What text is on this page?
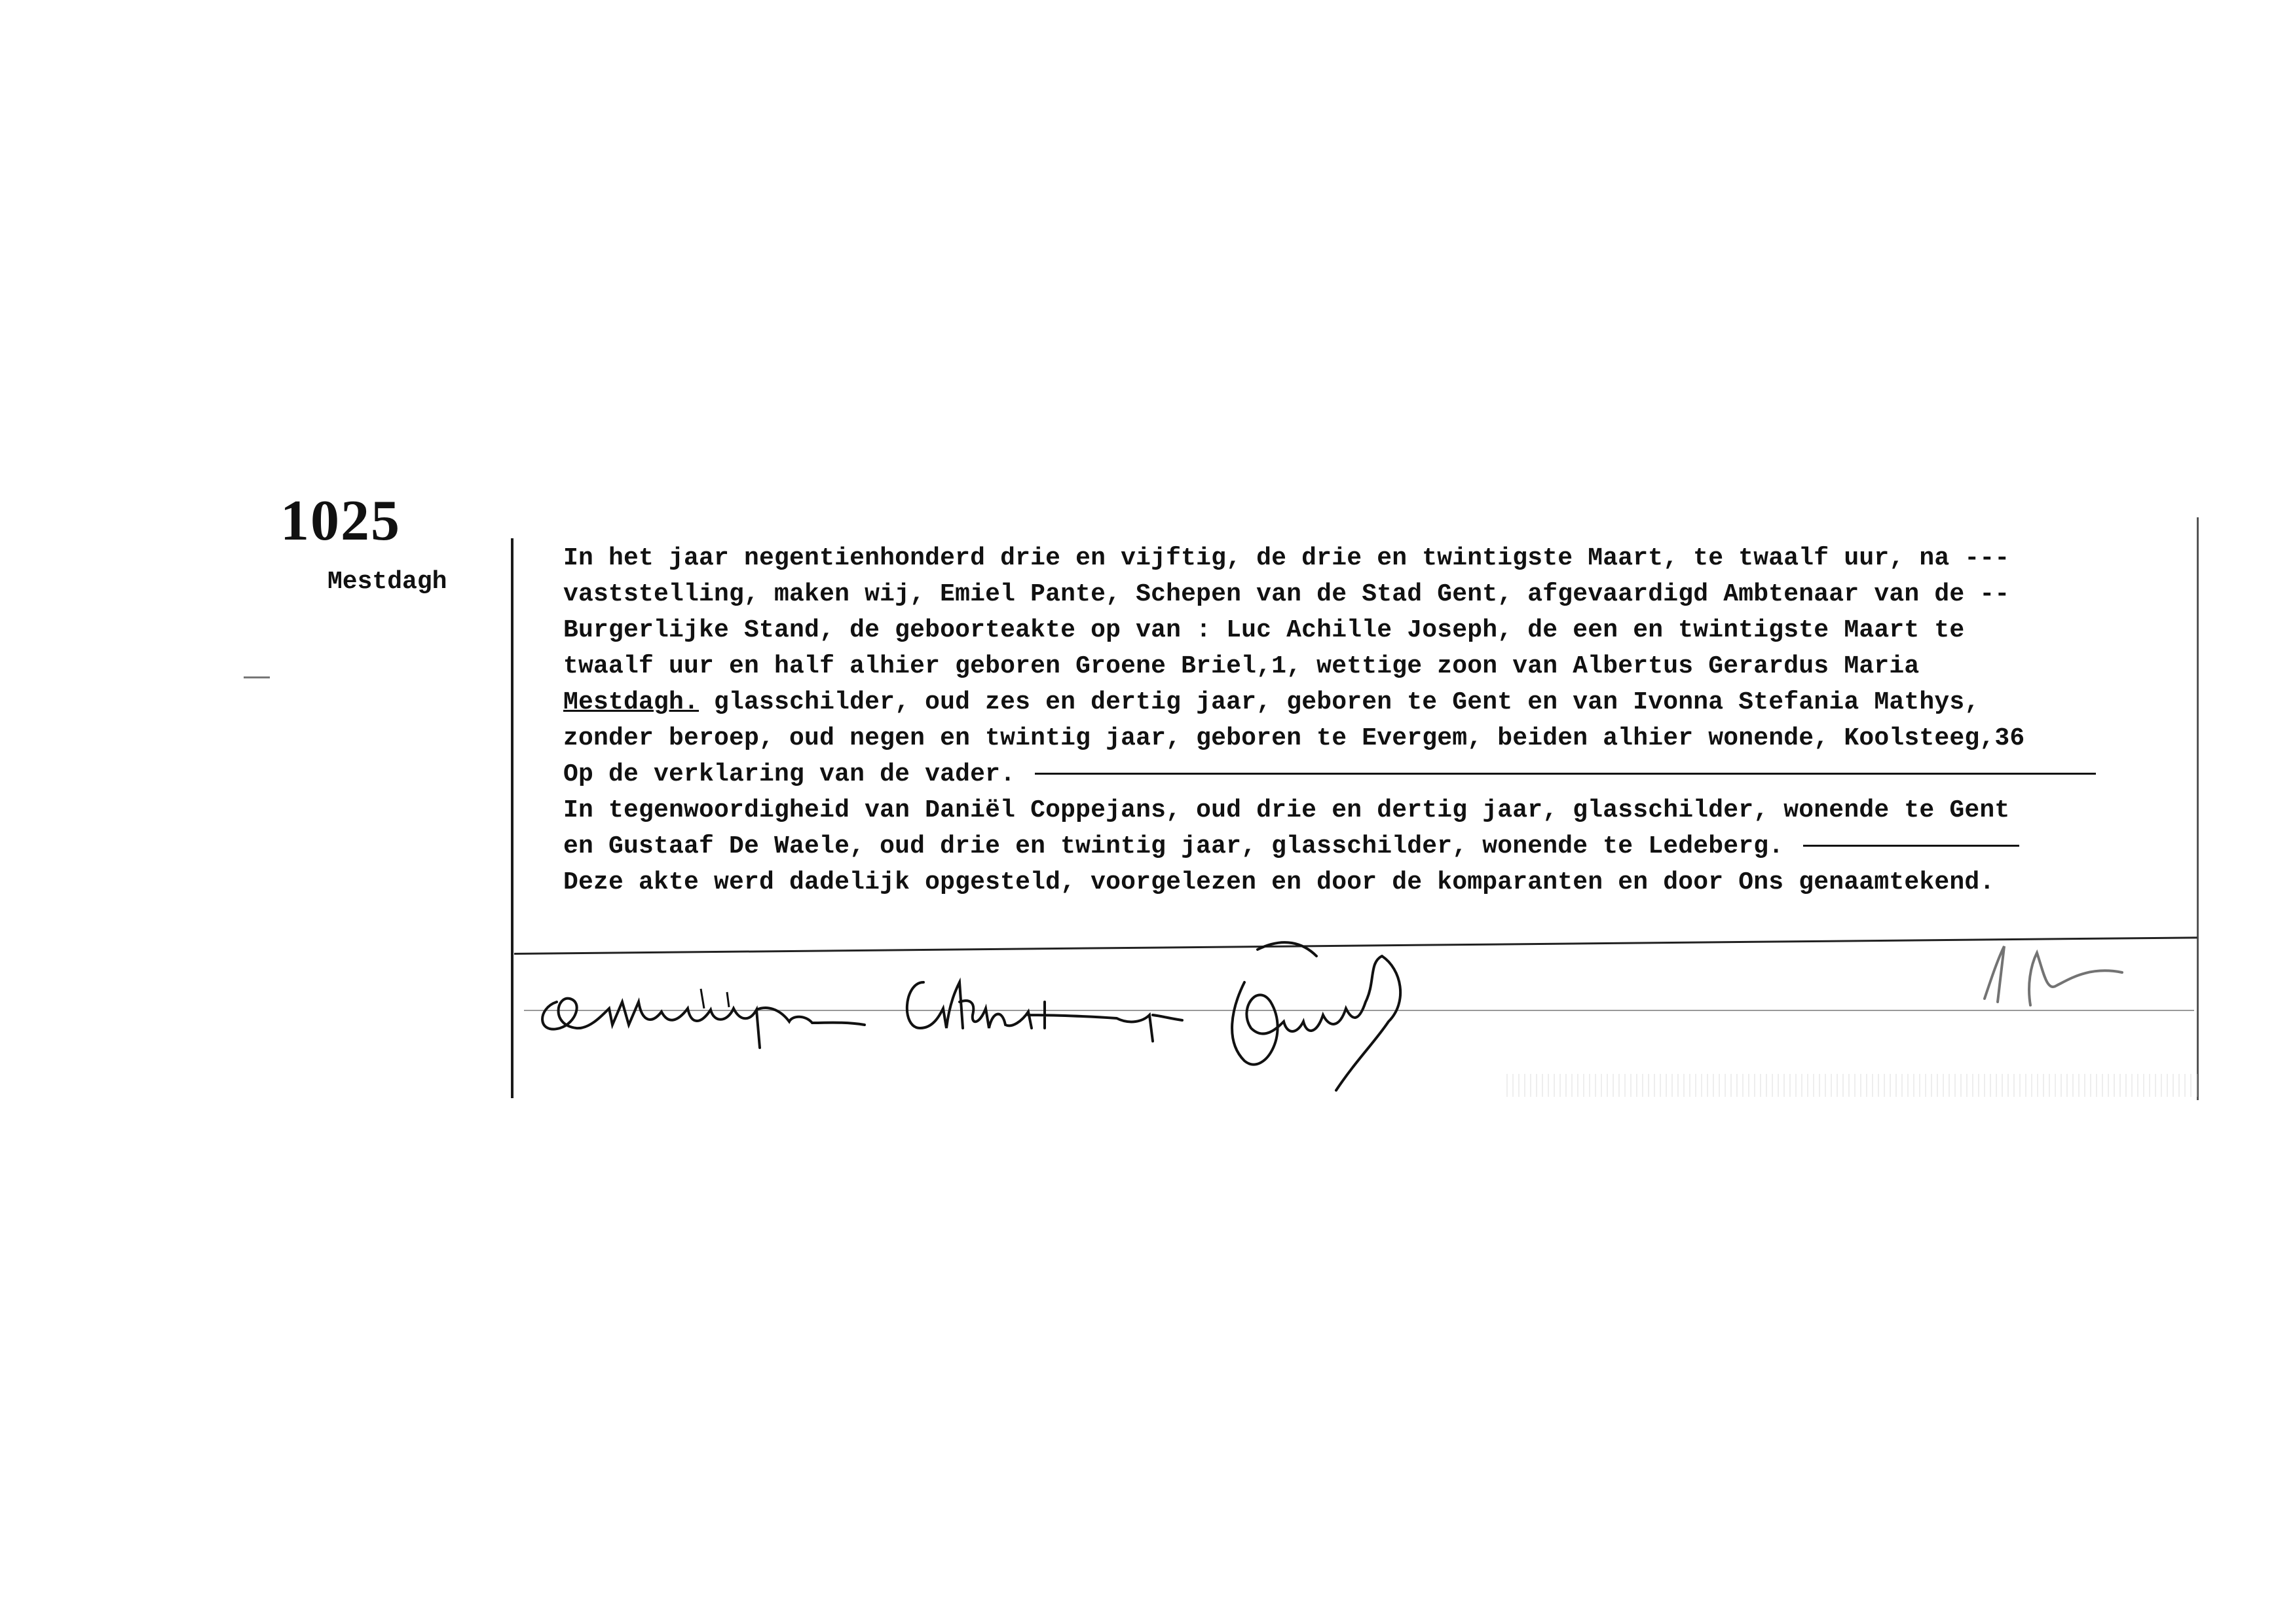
1025
Mestdagh
In het jaar negentienhonderd drie en vijftig, de drie en twintigste Maart, te twaalf uur, na ---
vaststelling, maken wij, Emiel Pante, Schepen van de Stad Gent, afgevaardigd Ambtenaar van de --
Burgerlijke Stand, de geboorteakte op van : Luc Achille Joseph, de een en twintigste Maart te
twaalf uur en half alhier geboren Groene Briel,1, wettige zoon van Albertus Gerardus Maria
Mestdagh. glasschilder, oud zes en dertig jaar, geboren te Gent en van Ivonna Stefania Mathys,
zonder beroep, oud negen en twintig jaar, geboren te Evergem, beiden alhier wonende, Koolsteeg,36
Op de verklaring van de vader.
In tegenwoordigheid van Daniël Coppejans, oud drie en dertig jaar, glasschilder, wonende te Gent
en Gustaaf De Waele, oud drie en twintig jaar, glasschilder, wonende te Ledeberg.
Deze akte werd dadelijk opgesteld, voorgelezen en door de komparanten en door Ons genaamtekend.
